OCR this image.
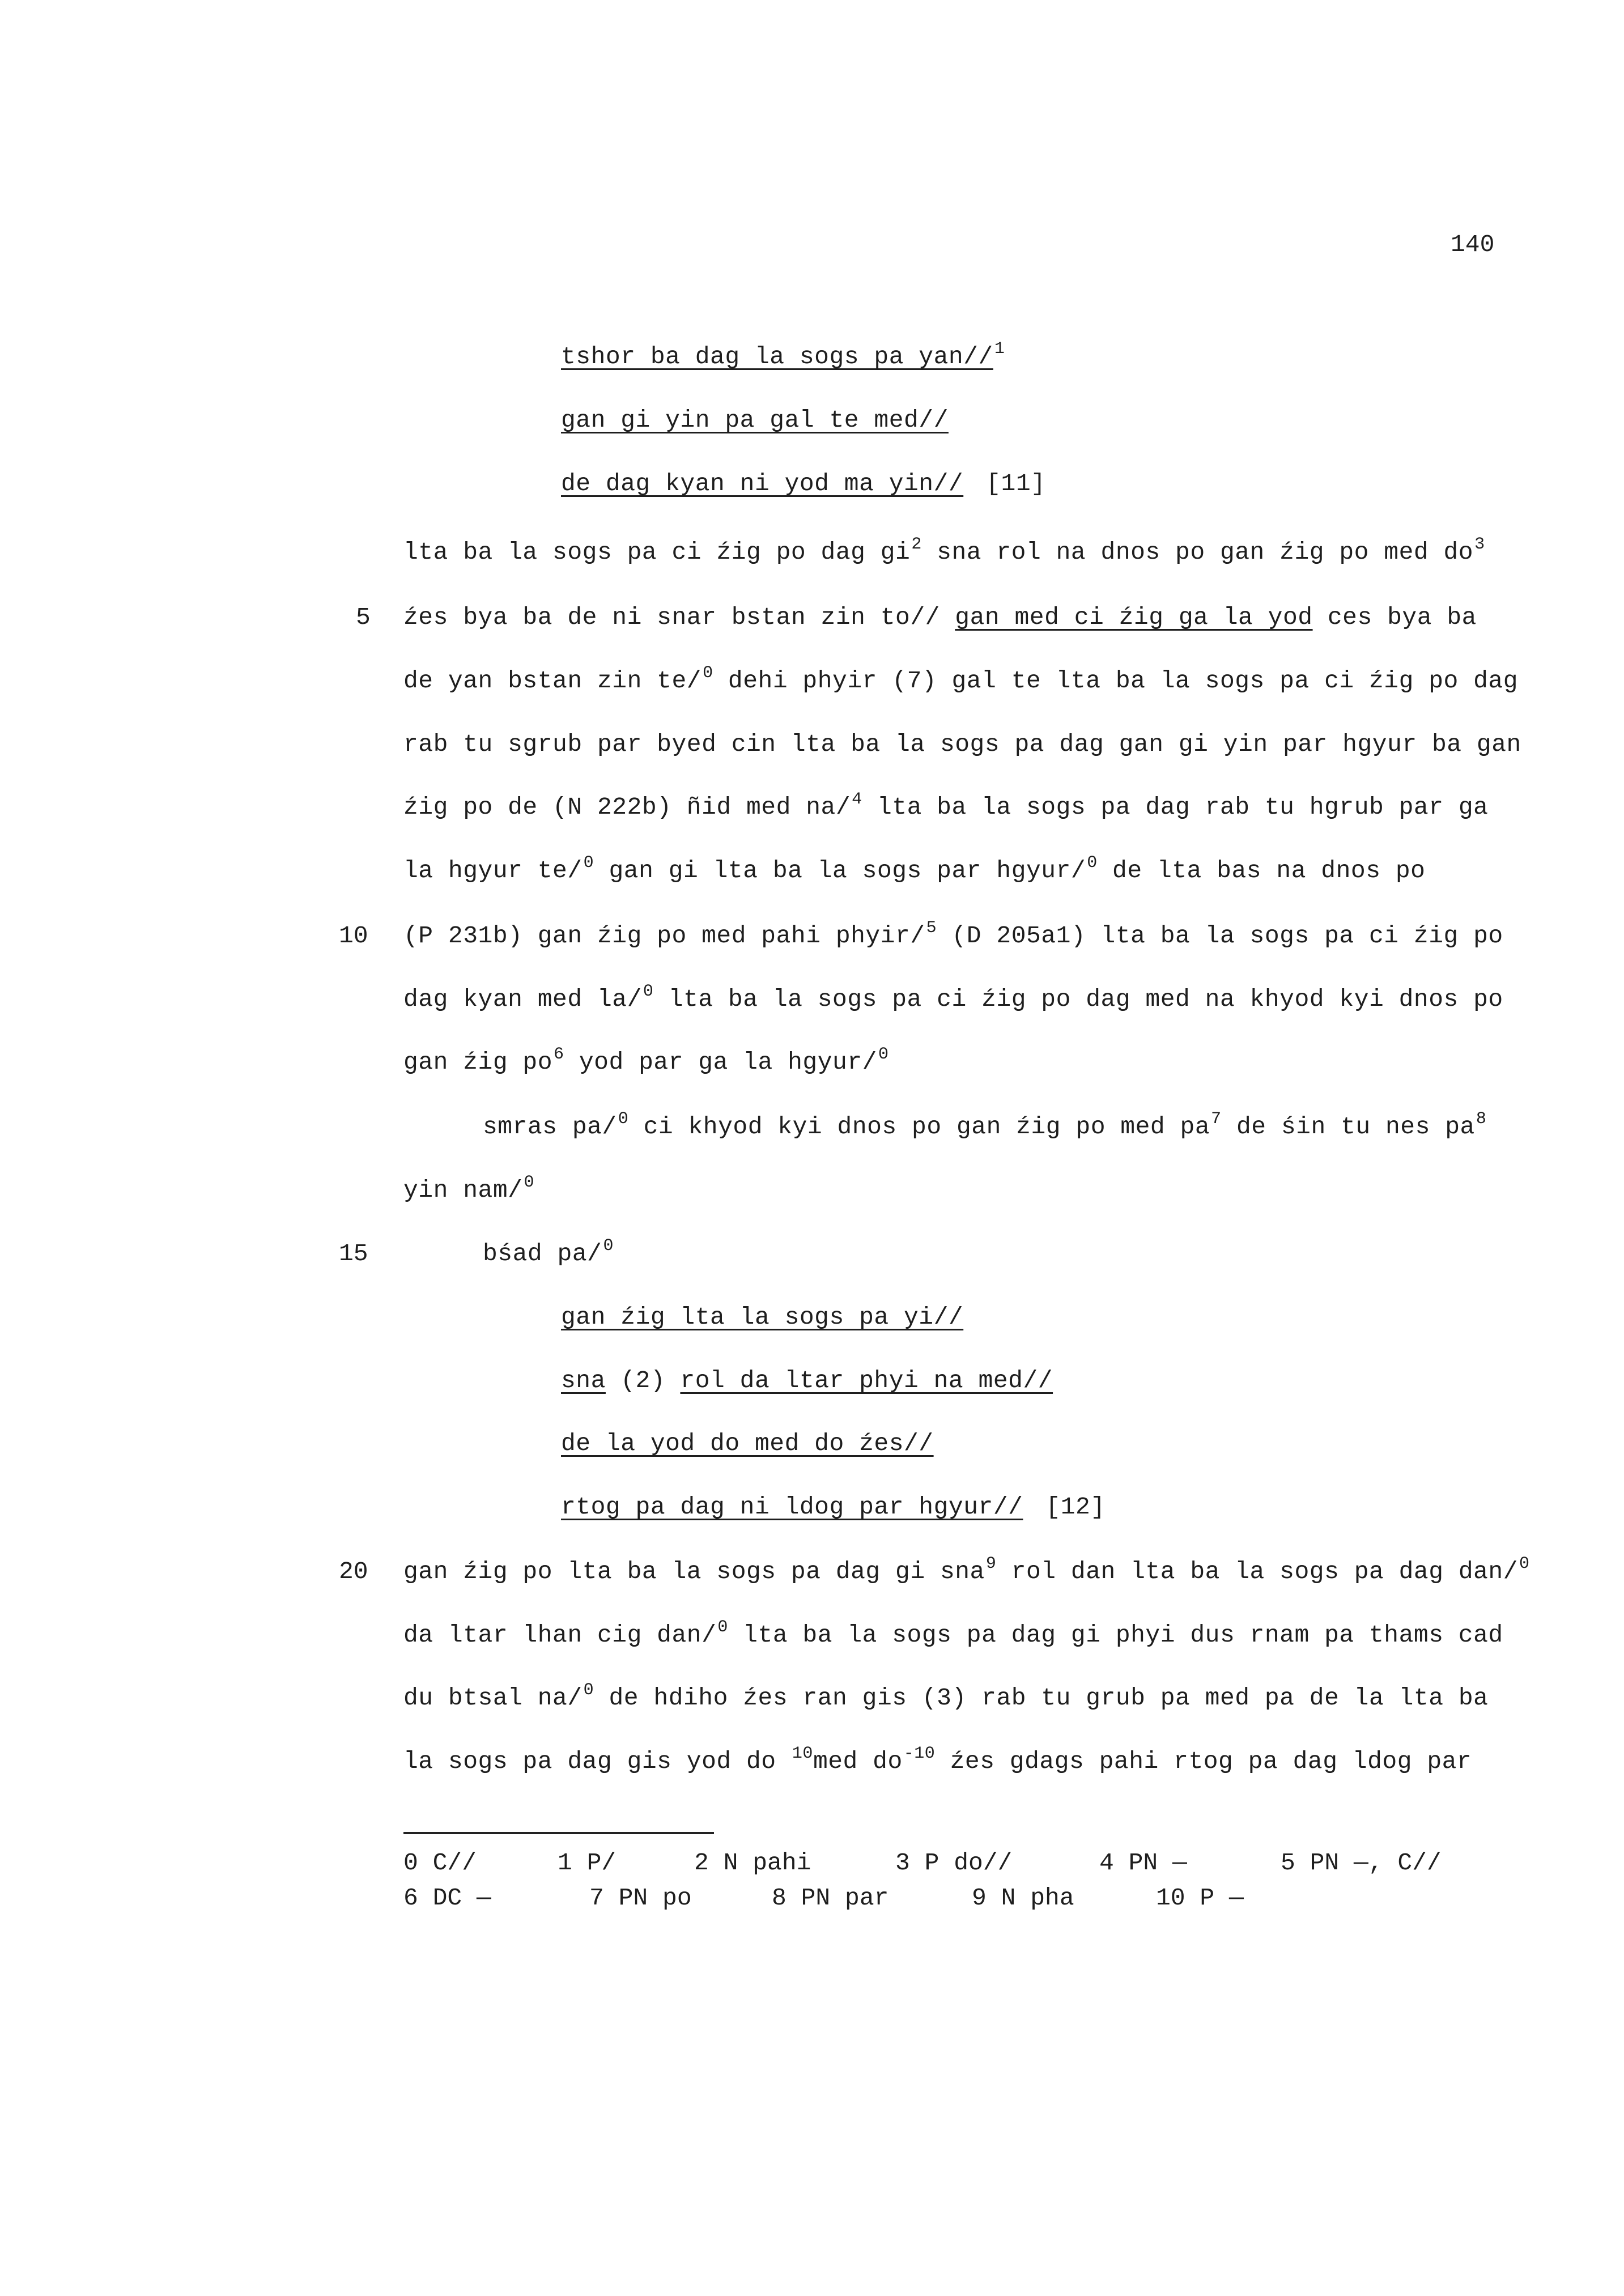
140
tshor ba dag la sogs pa yan//$^1$
gan gi yin pa gal te med//
de dag kyan ni yod ma yin// [11]
lta ba la sogs pa ci źig po dag $gi^2$ sna rol na dnos po gan źig po med $do^3$
5 źes bya ba de ni snar bstan zin to// gan med ci źig ga la yod ces bya ba
de yan bstan zin te/$^0$ dehi phyir (7) gal te lta ba la sogs pa ci źig po dag
rab tu sgrub par byed cin lta ba la sogs pa dag gan gi yin par hgyur ba gan
źig po de (N 222b) ñid med na/$^4$ lta ba la sogs pa dag rab tu hgrub par ga
la hgyur te/$^0$ gan gi lta ba la sogs par hgyur/$^0$ de lta bas na dnos po
10 (P 231b) gan źig po med pahi phyir/$^5$ (D 205a1) lta ba la sogs pa ci źig po
dag kyan med la/$^0$ lta ba la sogs pa ci źig po dag med na khyod kyi dnos po
gan źig $po^6$ yod par ga la hgyur/$^0$
smras pa/$^0$ ci khyod kyi dnos po gan źig po med $pa^7$ de śin tu nes $pa^8$
yin nam/$^0$
15	bśad pa/$^0$
gan źig lta la sogs pa yi//
sna (2) rol da ltar phyi na med//
de la yod do med do źes//
rtog pa dag ni ldog par hgyur// [12]
20 gan źig po lta ba la sogs pa dag gi sna$^9$ rol dan lta ba la sogs pa dag dan/$^0$
da ltar lhan cig dan/$^0$ lta ba la sogs pa dag gi phyi dus rnam pa thams cad
du btsal na/$^0$ de hdiho źes ran gis (3) rab tu grub pa med pa de la lta ba
la sogs pa dag gis yod do $^{10}$med $do^{-10}$ źes gdags pahi rtog pa dag ldog par
0 C//	1 P/	2 N pahi	3 P do//	4 PN —	5 PN —, C//
6 DC —	7 PN po	8 PN par	9 N pha	10 P —
